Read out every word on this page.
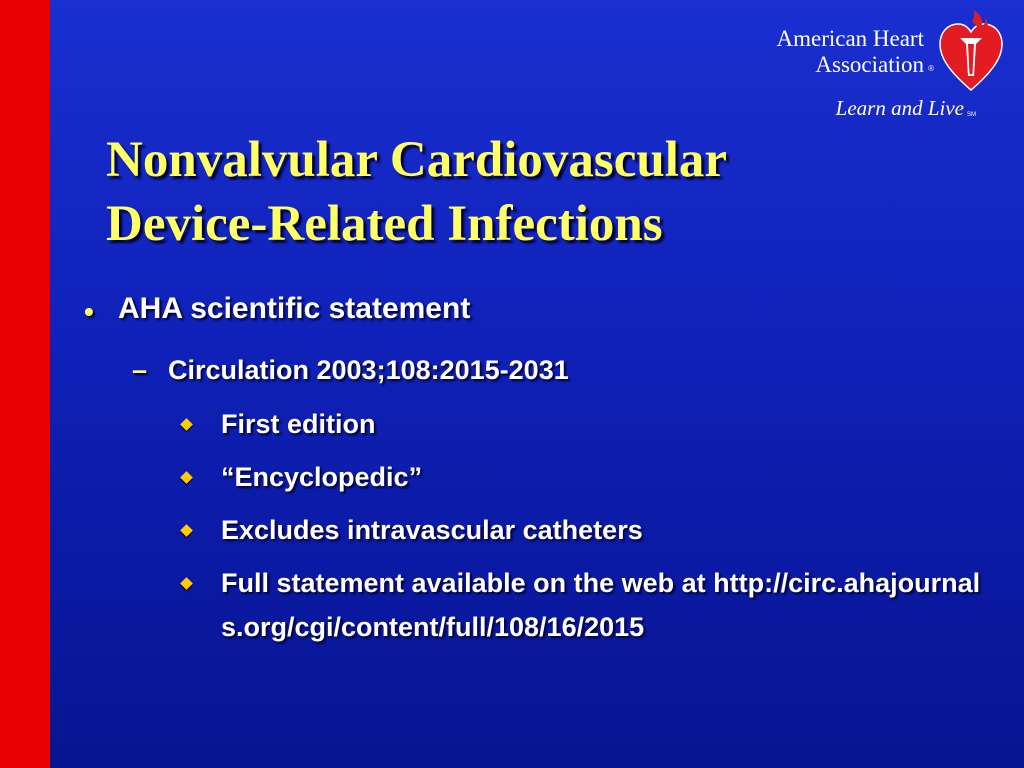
American Heart
Association ®
Learn and Live SM
Nonvalvular Cardiovascular
Device-Related Infections
• AHA scientific statement
– Circulation 2003;108:2015-2031
First edition
“Encyclopedic”
Excludes intravascular catheters
Full statement available on the web at http://circ.ahajournals.org/cgi/content/full/108/16/2015
